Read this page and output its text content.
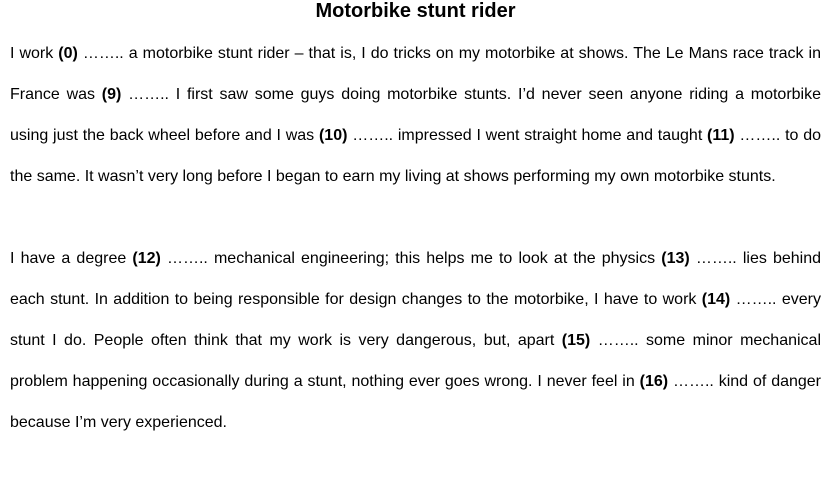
Motorbike stunt rider

I work (0) …….. a motorbike stunt rider – that is, I do tricks on my motorbike at shows. The Le Mans race track in France was (9) …….. I first saw some guys doing motorbike stunts. I’d never seen anyone riding a motorbike using just the back wheel before and I was (10) …….. impressed I went straight home and taught (11) …….. to do the same. It wasn’t very long before I began to earn my living at shows performing my own motorbike stunts.

I have a degree (12) …….. mechanical engineering; this helps me to look at the physics (13) …….. lies behind each stunt. In addition to being responsible for design changes to the motorbike, I have to work (14) …….. every stunt I do. People often think that my work is very dangerous, but, apart (15) …….. some minor mechanical problem happening occasionally during a stunt, nothing ever goes wrong. I never feel in (16) …….. kind of danger because I’m very experienced.
